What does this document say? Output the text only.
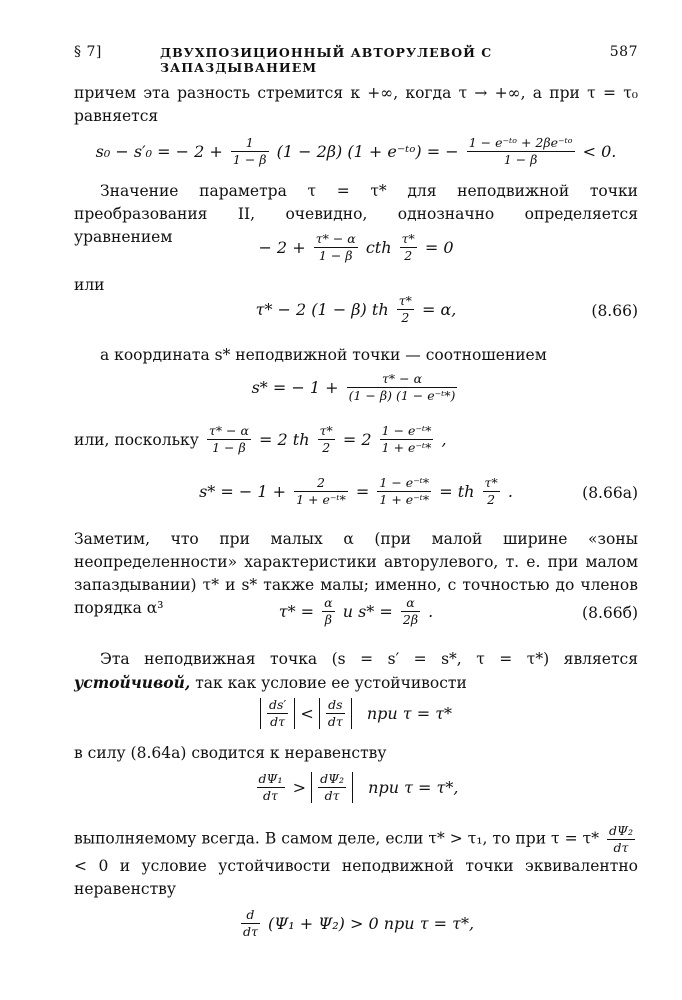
§ 7]	ДВУХПОЗИЦИОННЫЙ АВТОРУЛЕВОЙ С ЗАПАЗДЫВАНИЕМ
587
причем эта разность стремится к +∞, когда τ → +∞, а при τ = τ₀ равняется
s₀ − s′₀ = − $2 + \frac{1}{1 - \beta} (1 - 2\beta) (1$ + e⁻ᵗᵒ) = − $\frac{\text{1 − e⁻ᵗᵒ + 2βe⁻ᵗᵒ}}{1 - \beta} < 0$.
Значение параметра τ = τ* для неподвижной точки преобразования II, очевидно, однозначно определяется уравнением
− $2 + \frac{\tau* - \alpha}{1 - \beta}$ cth $\frac{\tau*}{2} = 0$
или
τ* − 2 (1 − β) th $\frac{\tau*}{2} = \alpha$,	(8.66)
а координата s* неподвижной точки — соотношением
s* = − $1 + \frac{\tau* - \alpha}{\text{(1 − β) (1 − e⁻ᵗ*)}}$
или, поскольку $\frac{\tau* - \alpha}{1 - \beta} = 2$ th $\frac{\tau*}{2} = 2 \frac{\text{1 − e⁻ᵗ*}}{\text{1 + e⁻ᵗ*}}$ ,
s* = − $1 + \frac{2}{\text{1 + e⁻ᵗ*}} = \frac{\text{1 − e⁻ᵗ*}}{\text{1 + e⁻ᵗ*}}$ = th $\frac{\tau*}{2}$ .	(8.66а)
Заметим, что при малых α (при малой ширине «зоны неопределенности» характеристики авторулевого, т. е. при малом запаздывании) τ* и s* также малы; именно, с точностью до членов порядка α³	$\tau* = \frac{\alpha}{\beta}$ и $s* = \frac{\alpha}{2\beta}$ .	(8.66б)
Эта неподвижная точка (s = s′ = s*, τ = τ*) является устойчивой, так как условие ее устойчивости
$\frac{ds'}{d\tau} < \frac{ds}{d\tau}$ при τ = τ*
в силу (8.64а) сводится к неравенству
$\frac{\text{dΨ₁}}{d\tau} > \frac{\text{dΨ₂}}{d\tau}$ при τ = τ*,
выполняемому всегда. В самом деле, если τ* > τ₁, то при $\tau = \tau* \frac{\text{dΨ₂}}{d\tau}$
< 0 и условие устойчивости неподвижной точки эквивалентно неравенству
$\frac{d}{d\tau} (\Psi_1 + \Psi_2) > 0$ при τ = τ*,
